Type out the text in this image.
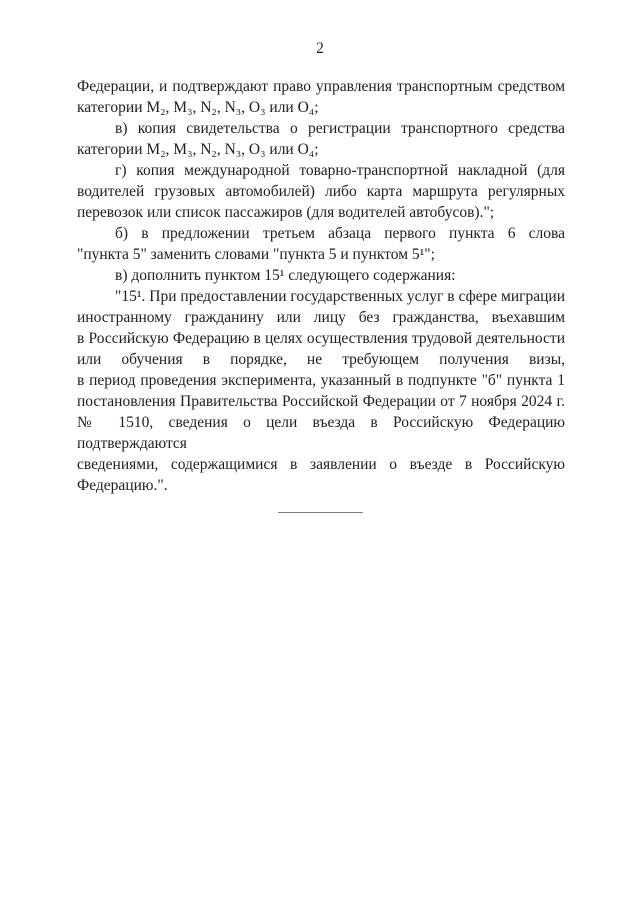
2
Федерации, и подтверждают право управления транспортным средством
категории M₂, M₃, N₂, N₃, O₃ или O₄;
в) копия свидетельства о регистрации транспортного средства
категории M₂, M₃, N₂, N₃, O₃ или O₄;
г) копия международной товарно-транспортной накладной (для
водителей грузовых автомобилей) либо карта маршрута регулярных
перевозок или список пассажиров (для водителей автобусов).";
б) в предложении третьем абзаца первого пункта 6 слова
"пункта 5" заменить словами "пункта 5 и пунктом 5¹";
в) дополнить пунктом 15¹ следующего содержания:
"15¹. При предоставлении государственных услуг в сфере миграции
иностранному гражданину или лицу без гражданства, въехавшим
в Российскую Федерацию в целях осуществления трудовой деятельности
или обучения в порядке, не требующем получения визы,
в период проведения эксперимента, указанный в подпункте "б" пункта 1
постановления Правительства Российской Федерации от 7 ноября 2024 г.
№ 1510, сведения о цели въезда в Российскую Федерацию подтверждаются
сведениями, содержащимися в заявлении о въезде в Российскую
Федерацию.".
